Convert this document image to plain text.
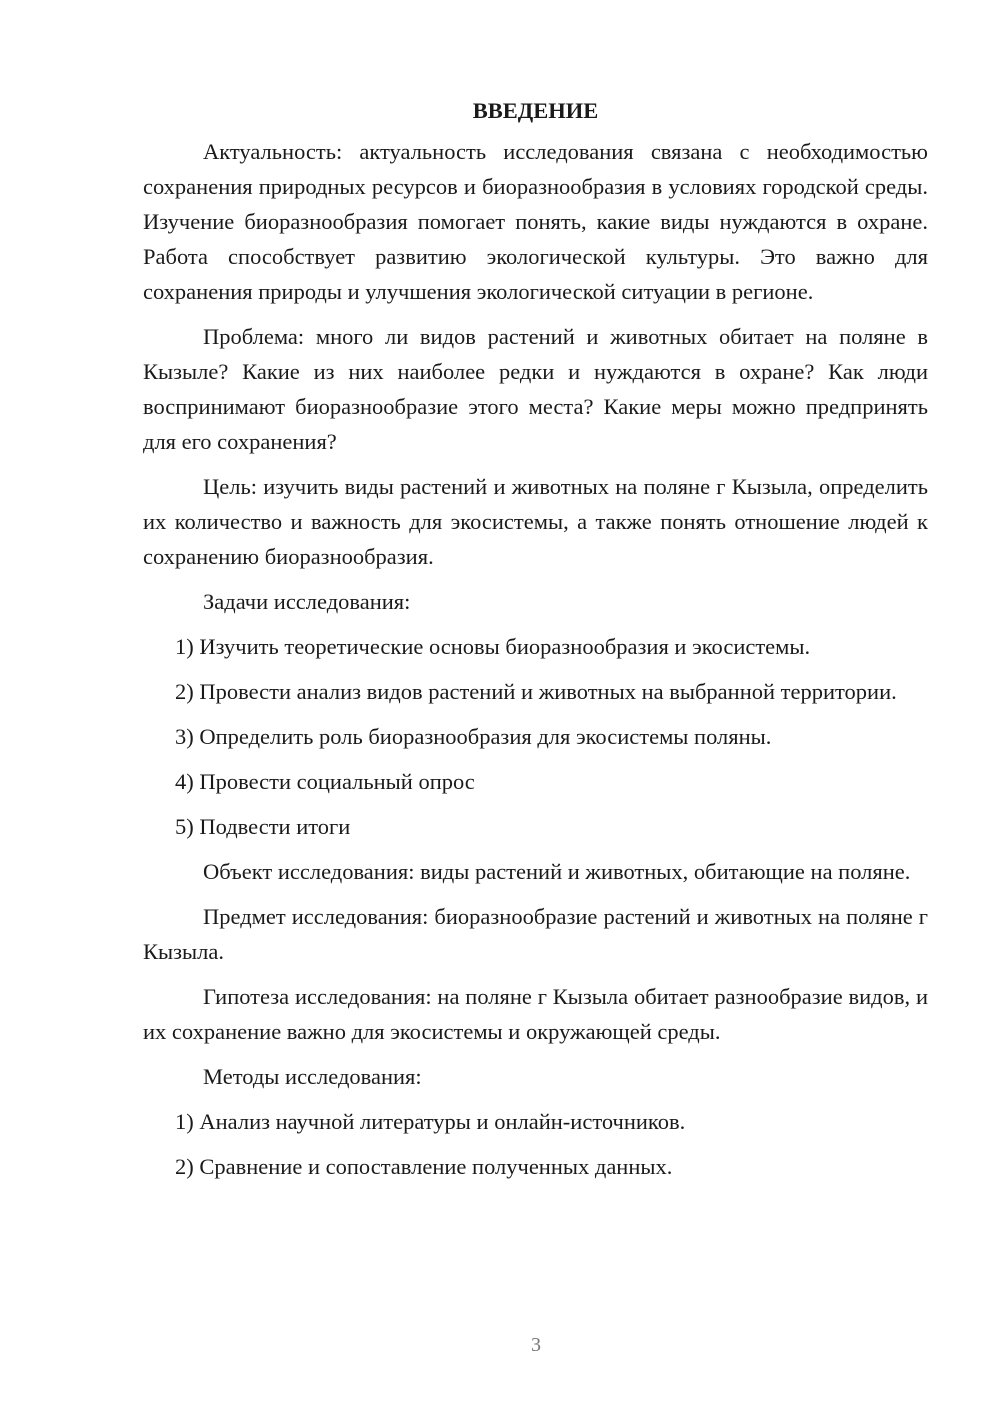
ВВЕДЕНИЕ

Актуальность: актуальность исследования связана с необходимостью сохранения природных ресурсов и биоразнообразия в условиях городской среды. Изучение биоразнообразия помогает понять, какие виды нуждаются в охране. Работа способствует развитию экологической культуры. Это важно для сохранения природы и улучшения экологической ситуации в регионе.

Проблема: много ли видов растений и животных обитает на поляне в Кызыле? Какие из них наиболее редки и нуждаются в охране? Как люди воспринимают биоразнообразие этого места? Какие меры можно предпринять для его сохранения?

Цель: изучить виды растений и животных на поляне г Кызыла, определить их количество и важность для экосистемы, а также понять отношение людей к сохранению биоразнообразия.

Задачи исследования:

1) Изучить теоретические основы биоразнообразия и экосистемы.

2) Провести анализ видов растений и животных на выбранной территории.

3) Определить роль биоразнообразия для экосистемы поляны.

4) Провести социальный опрос

5) Подвести итоги

Объект исследования: виды растений и животных, обитающие на поляне.

Предмет исследования: биоразнообразие растений и животных на поляне г Кызыла.

Гипотеза исследования: на поляне г Кызыла обитает разнообразие видов, и их сохранение важно для экосистемы и окружающей среды.

Методы исследования:

1) Анализ научной литературы и онлайн-источников.

2) Сравнение и сопоставление полученных данных.

3
